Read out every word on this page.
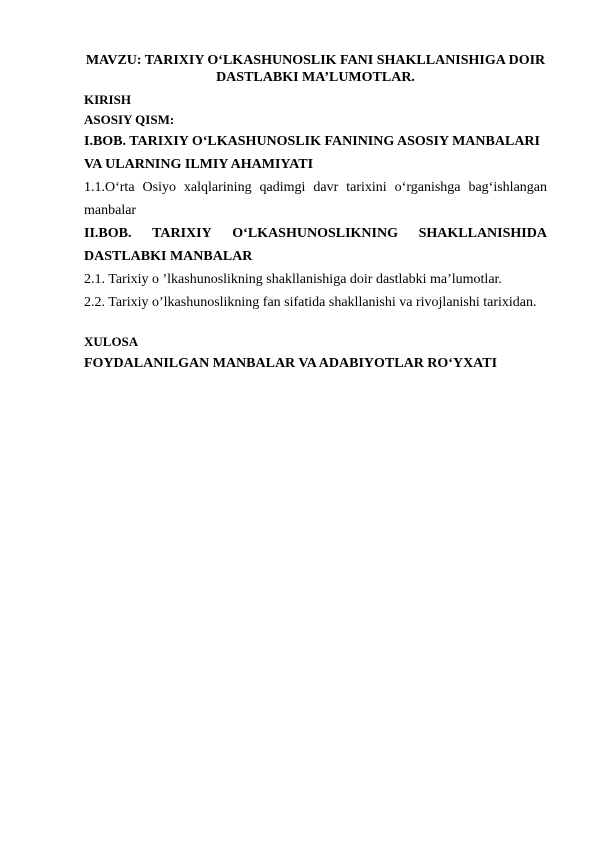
MAVZU: TARIXIY O‘LKASHUNOSLIK FANI SHAKLLANISHIGA DOIR

DASTLABKI MA’LUMOTLAR.

KIRISH

ASOSIY QISM:

I.BOB. TARIXIY O‘LKASHUNOSLIK FANINING ASOSIY MANBALARI

VA ULARNING ILMIY AHAMIYATI

1.1.O‘rta Osiyo xalqlarining qadimgi davr tarixini o‘rganishga bag‘ishlangan

manbalar

II.BOB. TARIXIY O‘LKASHUNOSLIKNING SHAKLLANISHIDA

DASTLABKI MANBALAR

2.1. Tarixiy o ’lkashunoslikning shakllanishiga doir dastlabki ma’lumotlar.

2.2. Tarixiy o’lkashunoslikning fan sifatida shakllanishi va rivojlanishi tarixidan.

XULOSA

FOYDALANILGAN MANBALAR VA ADABIYOTLAR RO‘YXATI
